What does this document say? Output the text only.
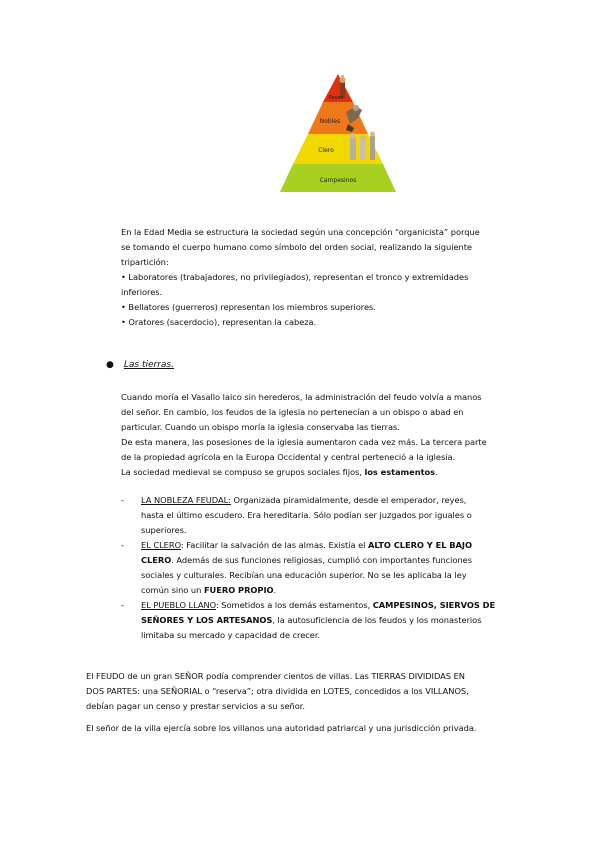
Reyes
Nobles
Clero
Campesinos

En la Edad Media se estructura la sociedad según una concepción “organicista” porque

se tomando el cuerpo humano como símbolo del orden social, realizando la siguiente

tripartición:

• Laboratores (trabajadores, no privilegiados), representan el tronco y extremidades

inferiores.

• Bellatores (guerreros) representan los miembros superiores.

• Oratores (sacerdocio), representan la cabeza.

● Las tierras.

Cuando moría el Vasallo laico sin herederos, la administración del feudo volvía a manos

del señor. En cambio, los feudos de la iglesia no pertenecían a un obispo o abad en

particular. Cuando un obispo moría la iglesia conservaba las tierras.

De esta manera, las posesiones de la iglesia aumentaron cada vez más. La tercera parte

de la propiedad agrícola en la Europa Occidental y central perteneció a la iglesia.

La sociedad medieval se compuso se grupos sociales fijos, los estamentos.

- LA NOBLEZA FEUDAL: Organizada piramidalmente, desde el emperador, reyes,

hasta el último escudero. Era hereditaria. Sólo podían ser juzgados por iguales o

superiores.

- EL CLERO: Facilitar la salvación de las almas. Existía el ALTO CLERO Y EL BAJO

CLERO. Además de sus funciones religiosas, cumplió con importantes funciones

sociales y culturales. Recibían una educación superior. No se les aplicaba la ley

común sino un FUERO PROPIO.

- EL PUEBLO LLANO: Sometidos a los demás estamentos, CAMPESINOS, SIERVOS DE

SEÑORES Y LOS ARTESANOS, la autosuficiencia de los feudos y los monasterios

limitaba su mercado y capacidad de crecer.

El FEUDO de un gran SEÑOR podía comprender cientos de villas. Las TIERRAS DIVIDIDAS EN

DOS PARTES: una SEÑORIAL o “reserva”; otra dividida en LOTES, concedidos a los VILLANOS,

debían pagar un censo y prestar servicios a su señor.

El señor de la villa ejercía sobre los villanos una autoridad patriarcal y una jurisdicción privada.
